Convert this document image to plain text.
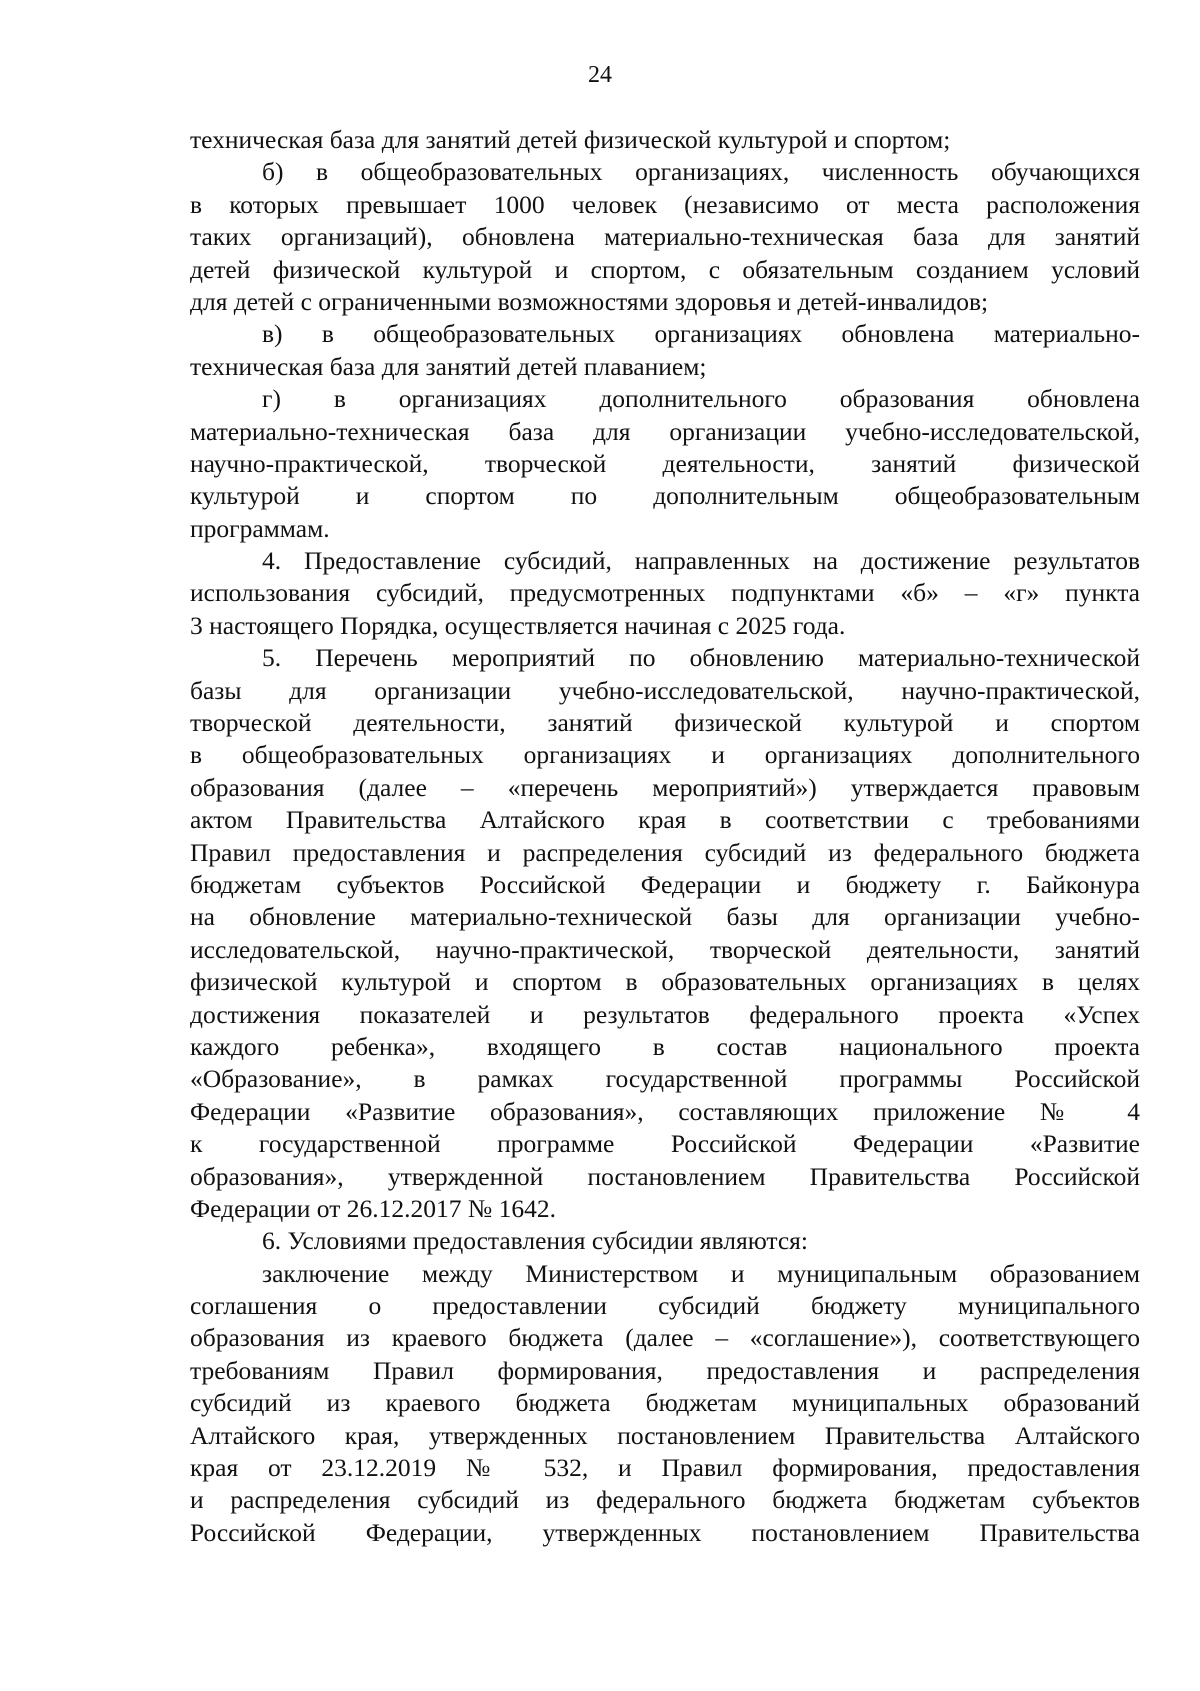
24
техническая база для занятий детей физической культурой и спортом;
б) в общеобразовательных организациях, численность обучающихся
в которых превышает 1000 человек (независимо от места расположения
таких организаций), обновлена материально-техническая база для занятий
детей физической культурой и спортом, с обязательным созданием условий
для детей с ограниченными возможностями здоровья и детей-инвалидов;
в) в общеобразовательных организациях обновлена материально-
техническая база для занятий детей плаванием;
г) в организациях дополнительного образования обновлена
материально-техническая база для организации учебно-исследовательской,
научно-практической, творческой деятельности, занятий физической
культурой и спортом по дополнительным общеобразовательным
программам.
4. Предоставление субсидий, направленных на достижение результатов
использования субсидий, предусмотренных подпунктами «б» – «г» пункта
3 настоящего Порядка, осуществляется начиная с 2025 года.
5. Перечень мероприятий по обновлению материально-технической
базы для организации учебно-исследовательской, научно-практической,
творческой деятельности, занятий физической культурой и спортом
в общеобразовательных организациях и организациях дополнительного
образования (далее – «перечень мероприятий») утверждается правовым
актом Правительства Алтайского края в соответствии с требованиями
Правил предоставления и распределения субсидий из федерального бюджета
бюджетам субъектов Российской Федерации и бюджету г. Байконура
на обновление материально-технической базы для организации учебно-
исследовательской, научно-практической, творческой деятельности, занятий
физической культурой и спортом в образовательных организациях в целях
достижения показателей и результатов федерального проекта «Успех
каждого ребенка», входящего в состав национального проекта
«Образование», в рамках государственной программы Российской
Федерации «Развитие образования», составляющих приложение № 4
к государственной программе Российской Федерации «Развитие
образования», утвержденной постановлением Правительства Российской
Федерации от 26.12.2017 № 1642.
6. Условиями предоставления субсидии являются:
заключение между Министерством и муниципальным образованием
соглашения о предоставлении субсидий бюджету муниципального
образования из краевого бюджета (далее – «соглашение»), соответствующего
требованиям Правил формирования, предоставления и распределения
субсидий из краевого бюджета бюджетам муниципальных образований
Алтайского края, утвержденных постановлением Правительства Алтайского
края от 23.12.2019 № 532, и Правил формирования, предоставления
и распределения субсидий из федерального бюджета бюджетам субъектов
Российской Федерации, утвержденных постановлением Правительства
